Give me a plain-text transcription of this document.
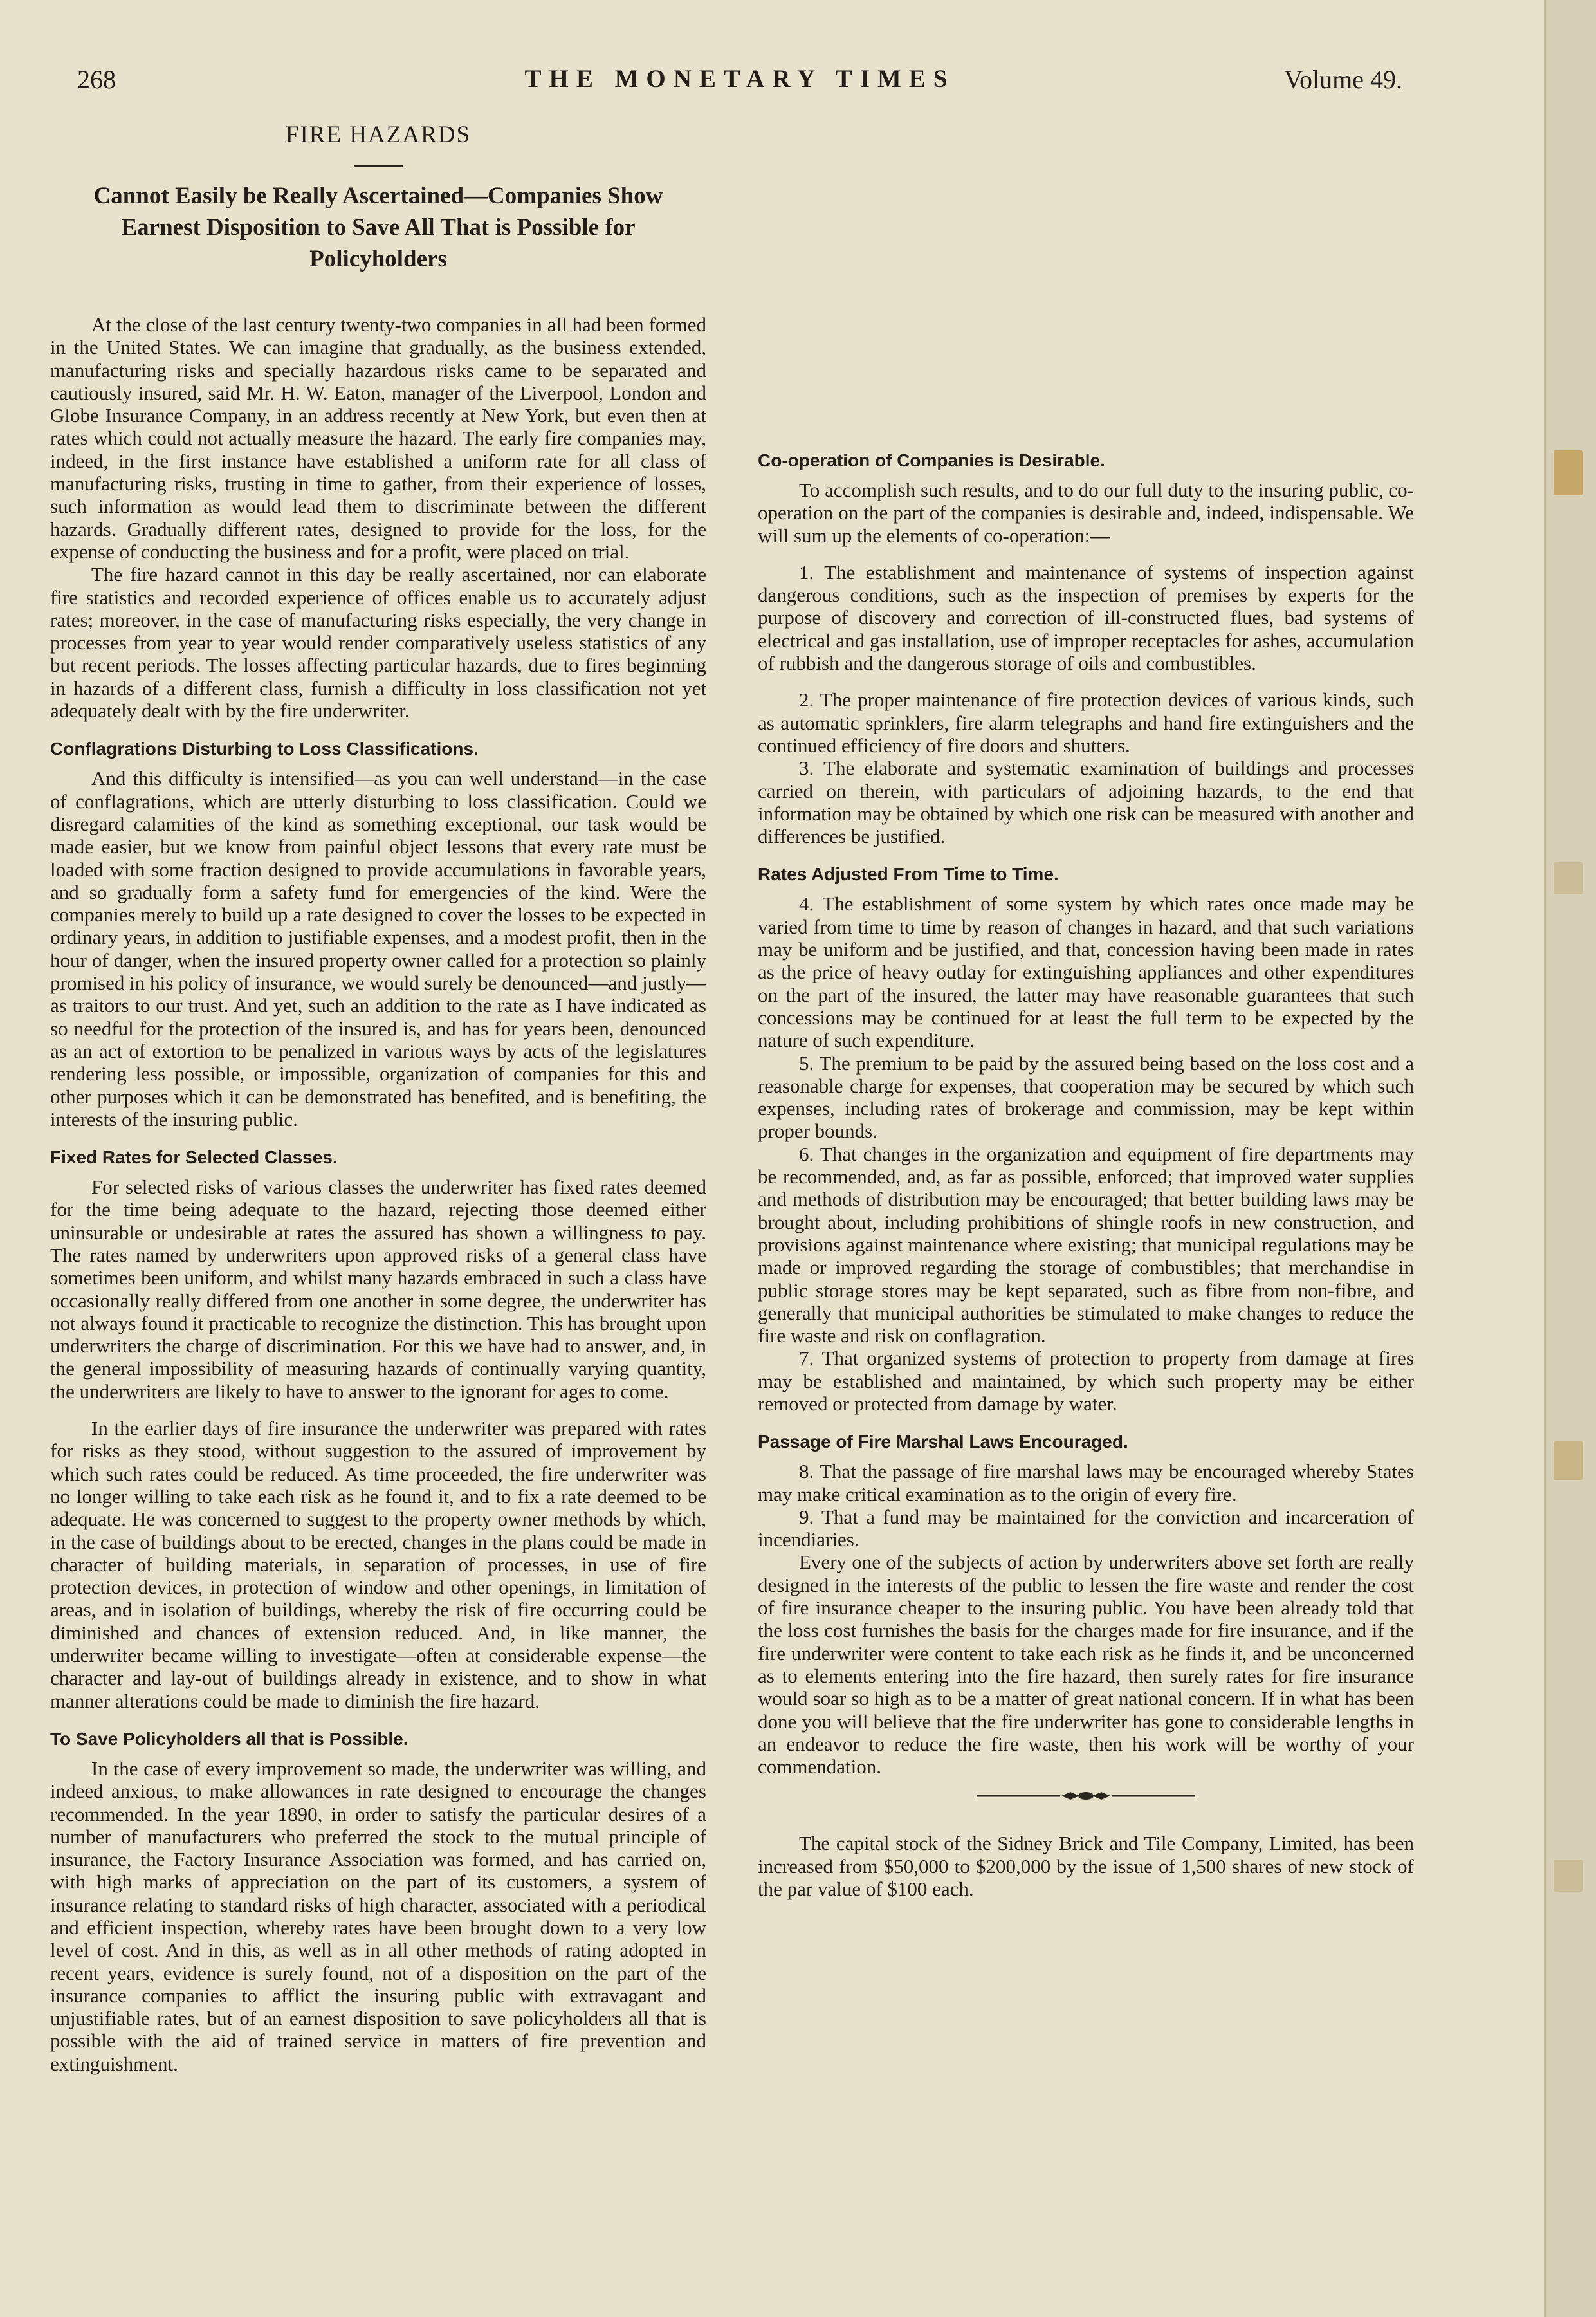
268	THE MONETARY TIMES	Volume 49.
FIRE HAZARDS
Cannot Easily be Really Ascertained—Companies Show Earnest Disposition to Save All That is Possible for Policyholders

At the close of the last century twenty-two companies in all had been formed in the United States. We can imagine that gradually, as the business extended, manufacturing risks and specially hazardous risks came to be separated and cautiously insured, said Mr. H. W. Eaton, manager of the Liverpool, London and Globe Insurance Company, in an address recently at New York, but even then at rates which could not actually measure the hazard. The early fire companies may, indeed, in the first instance have established a uniform rate for all class of manufacturing risks, trusting in time to gather, from their experience of losses, such information as would lead them to discriminate between the different hazards. Gradually different rates, designed to provide for the loss, for the expense of conducting the business and for a profit, were placed on trial.

The fire hazard cannot in this day be really ascertained, nor can elaborate fire statistics and recorded experience of offices enable us to accurately adjust rates; moreover, in the case of manufacturing risks especially, the very change in processes from year to year would render comparatively useless statistics of any but recent periods. The losses affecting particular hazards, due to fires beginning in hazards of a different class, furnish a difficulty in loss classification not yet adequately dealt with by the fire underwriter.

Conflagrations Disturbing to Loss Classifications.

And this difficulty is intensified—as you can well understand—in the case of conflagrations, which are utterly disturbing to loss classification. Could we disregard calamities of the kind as something exceptional, our task would be made easier, but we know from painful object lessons that every rate must be loaded with some fraction designed to provide accumulations in favorable years, and so gradually form a safety fund for emergencies of the kind. Were the companies merely to build up a rate designed to cover the losses to be expected in ordinary years, in addition to justifiable expenses, and a modest profit, then in the hour of danger, when the insured property owner called for a protection so plainly promised in his policy of insurance, we would surely be denounced—and justly—as traitors to our trust. And yet, such an addition to the rate as I have indicated as so needful for the protection of the insured is, and has for years been, denounced as an act of extortion to be penalized in various ways by acts of the legislatures rendering less possible, or impossible, organization of companies for this and other purposes which it can be demonstrated has benefited, and is benefiting, the interests of the insuring public.

Fixed Rates for Selected Classes.

For selected risks of various classes the underwriter has fixed rates deemed for the time being adequate to the hazard, rejecting those deemed either uninsurable or undesirable at rates the assured has shown a willingness to pay. The rates named by underwriters upon approved risks of a general class have sometimes been uniform, and whilst many hazards embraced in such a class have occasionally really differed from one another in some degree, the underwriter has not always found it practicable to recognize the distinction. This has brought upon underwriters the charge of discrimination. For this we have had to answer, and, in the general impossibility of measuring hazards of continually varying quantity, the underwriters are likely to have to answer to the ignorant for ages to come.

In the earlier days of fire insurance the underwriter was prepared with rates for risks as they stood, without suggestion to the assured of improvement by which such rates could be reduced. As time proceeded, the fire underwriter was no longer willing to take each risk as he found it, and to fix a rate deemed to be adequate. He was concerned to suggest to the property owner methods by which, in the case of buildings about to be erected, changes in the plans could be made in character of building materials, in separation of processes, in use of fire protection devices, in protection of window and other openings, in limitation of areas, and in isolation of buildings, whereby the risk of fire occurring could be diminished and chances of extension reduced. And, in like manner, the underwriter became willing to investigate—often at considerable expense—the character and lay-out of buildings already in existence, and to show in what manner alterations could be made to diminish the fire hazard.

To Save Policyholders all that is Possible.

In the case of every improvement so made, the underwriter was willing, and indeed anxious, to make allowances in rate designed to encourage the changes recommended. In the year 1890, in order to satisfy the particular desires of a number of manufacturers who preferred the stock to the mutual principle of insurance, the Factory Insurance Association was formed, and has carried on, with high marks of appreciation on the part of its customers, a system of insurance relating to standard risks of high character, associated with a periodical and efficient inspection, whereby rates have been brought down to a very low level of cost. And in this, as well as in all other methods of rating adopted in recent years, evidence is surely found, not of a disposition on the part of the insurance companies to afflict the insuring public with extravagant and unjustifiable rates, but of an earnest disposition to save policyholders all that is possible with the aid of trained service in matters of fire prevention and extinguishment.

Co-operation of Companies is Desirable.

To accomplish such results, and to do our full duty to the insuring public, co-operation on the part of the companies is desirable and, indeed, indispensable. We will sum up the elements of co-operation:—

1. The establishment and maintenance of systems of inspection against dangerous conditions, such as the inspection of premises by experts for the purpose of discovery and correction of ill-constructed flues, bad systems of electrical and gas installation, use of improper receptacles for ashes, accumulation of rubbish and the dangerous storage of oils and combustibles.

2. The proper maintenance of fire protection devices of various kinds, such as automatic sprinklers, fire alarm telegraphs and hand fire extinguishers and the continued efficiency of fire doors and shutters.

3. The elaborate and systematic examination of buildings and processes carried on therein, with particulars of adjoining hazards, to the end that information may be obtained by which one risk can be measured with another and differences be justified.

Rates Adjusted From Time to Time.

4. The establishment of some system by which rates once made may be varied from time to time by reason of changes in hazard, and that such variations may be uniform and be justified, and that, concession having been made in rates as the price of heavy outlay for extinguishing appliances and other expenditures on the part of the insured, the latter may have reasonable guarantees that such concessions may be continued for at least the full term to be expected by the nature of such expenditure.

5. The premium to be paid by the assured being based on the loss cost and a reasonable charge for expenses, that cooperation may be secured by which such expenses, including rates of brokerage and commission, may be kept within proper bounds.

6. That changes in the organization and equipment of fire departments may be recommended, and, as far as possible, enforced; that improved water supplies and methods of distribution may be encouraged; that better building laws may be brought about, including prohibitions of shingle roofs in new construction, and provisions against maintenance where existing; that municipal regulations may be made or improved regarding the storage of combustibles; that merchandise in public storage stores may be kept separated, such as fibre from non-fibre, and generally that municipal authorities be stimulated to make changes to reduce the fire waste and risk on conflagration.

7. That organized systems of protection to property from damage at fires may be established and maintained, by which such property may be either removed or protected from damage by water.

Passage of Fire Marshal Laws Encouraged.

8. That the passage of fire marshal laws may be encouraged whereby States may make critical examination as to the origin of every fire.

9. That a fund may be maintained for the conviction and incarceration of incendiaries.

Every one of the subjects of action by underwriters above set forth are really designed in the interests of the public to lessen the fire waste and render the cost of fire insurance cheaper to the insuring public. You have been already told that the loss cost furnishes the basis for the charges made for fire insurance, and if the fire underwriter were content to take each risk as he finds it, and be unconcerned as to elements entering into the fire hazard, then surely rates for fire insurance would soar so high as to be a matter of great national concern. If in what has been done you will believe that the fire underwriter has gone to considerable lengths in an endeavor to reduce the fire waste, then his work will be worthy of your commendation.

The capital stock of the Sidney Brick and Tile Company, Limited, has been increased from $50,000 to $200,000 by the issue of 1,500 shares of new stock of the par value of $100 each.
